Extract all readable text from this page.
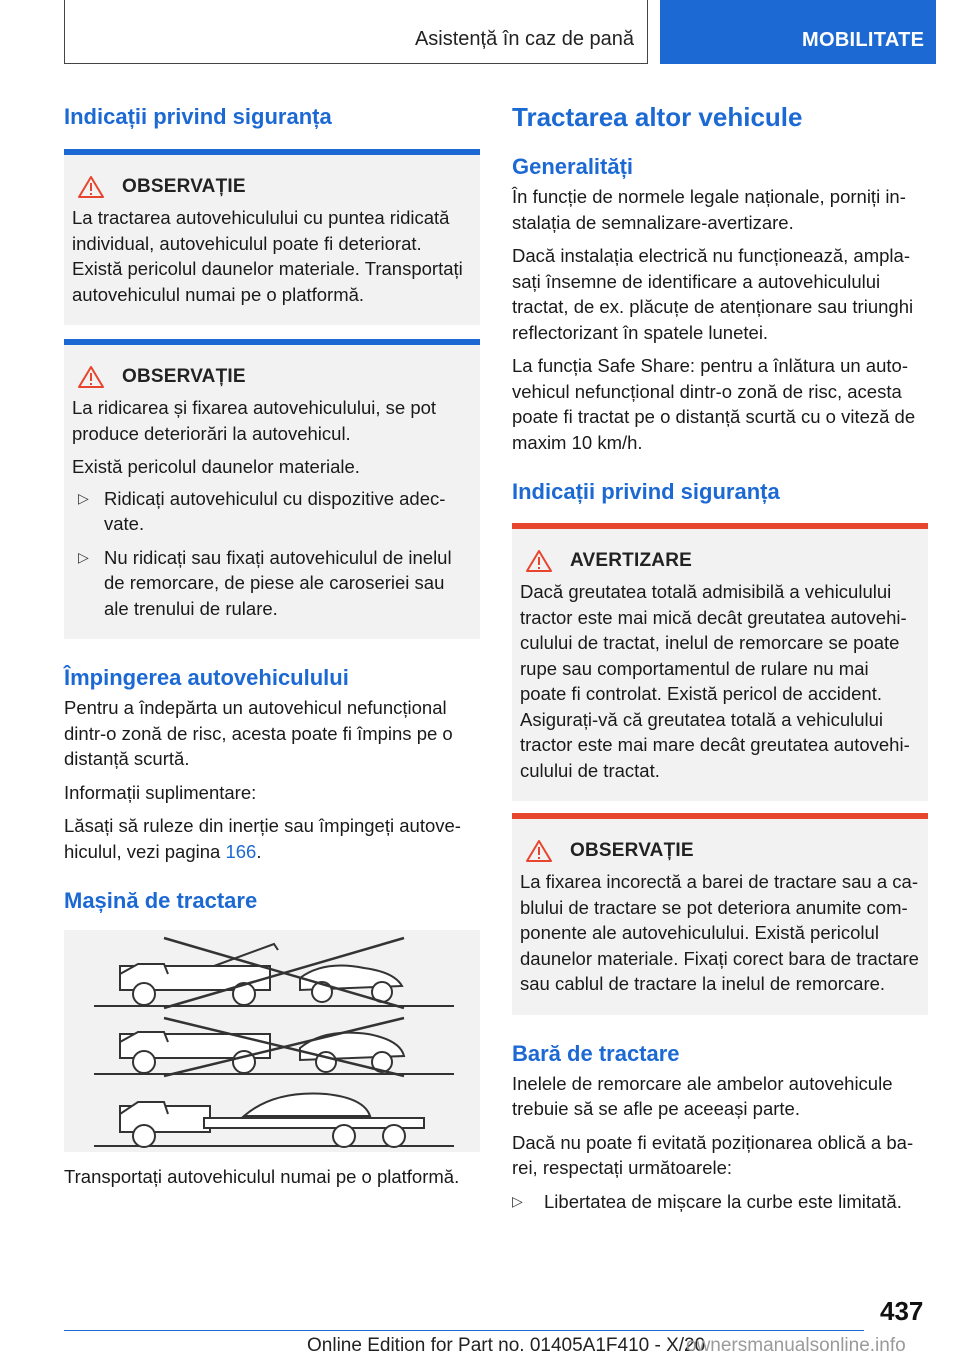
Asistență în caz de pană	MOBILITATE
Indicații privind siguranța
OBSERVAȚIE

La tractarea autovehiculului cu puntea ridicată individual, autovehiculul poate fi deteriorat. Există pericolul daunelor materiale. Transportați autovehiculul numai pe o platformă.

OBSERVAȚIE

La ridicarea și fixarea autovehiculului, se pot produce deteriorări la autovehicul.

Există pericolul daunelor materiale.

▷ Ridicați autovehiculul cu dispozitive adecvate.
▷ Nu ridicați sau fixați autovehiculul de inelul de remorcare, de piese ale caroseriei sau ale trenului de rulare.
Împingerea autovehiculului

Pentru a îndepărta un autovehicul nefuncțional dintr-o zonă de risc, acesta poate fi împins pe o distanță scurtă.

Informații suplimentare:

Lăsați să ruleze din inerție sau împingeți autovehiculul, vezi pagina 166.

Mașină de tractare

Transportați autovehiculul numai pe o platformă.

Tractarea altor vehicule
Generalități

În funcție de normele legale naționale, porniți instalația de semnalizare-avertizare.

Dacă instalația electrică nu funcționează, amplasați însemne de identificare a autovehiculului tractat, de ex. plăcuțe de atenționare sau triunghi reflectorizant în spatele lunetei.

La funcția Safe Share: pentru a înlătura un autovehicul nefuncțional dintr-o zonă de risc, acesta poate fi tractat pe o distanță scurtă cu o viteză de maxim 10 km/h.

Indicații privind siguranța
AVERTIZARE

Dacă greutatea totală admisibilă a vehiculului tractor este mai mică decât greutatea autovehiculului de tractat, inelul de remorcare se poate rupe sau comportamentul de rulare nu mai poate fi controlat. Există pericol de accident. Asigurați-vă că greutatea totală a vehiculului tractor este mai mare decât greutatea autovehiculului de tractat.

OBSERVAȚIE

La fixarea incorectă a barei de tractare sau a cablului de tractare se pot deteriora anumite componente ale autovehiculului. Există pericolul daunelor materiale. Fixați corect bara de tractare sau cablul de tractare la inelul de remorcare.

Bară de tractare

Inelele de remorcare ale ambelor autovehicule trebuie să se afle pe aceeași parte.

Dacă nu poate fi evitată poziționarea oblică a barei, respectați următoarele:

▷	Libertatea de mișcare la curbe este limitată.
437
Online Edition for Part no. 01405A1F410 - X/20
ownersmanualsonline.info
